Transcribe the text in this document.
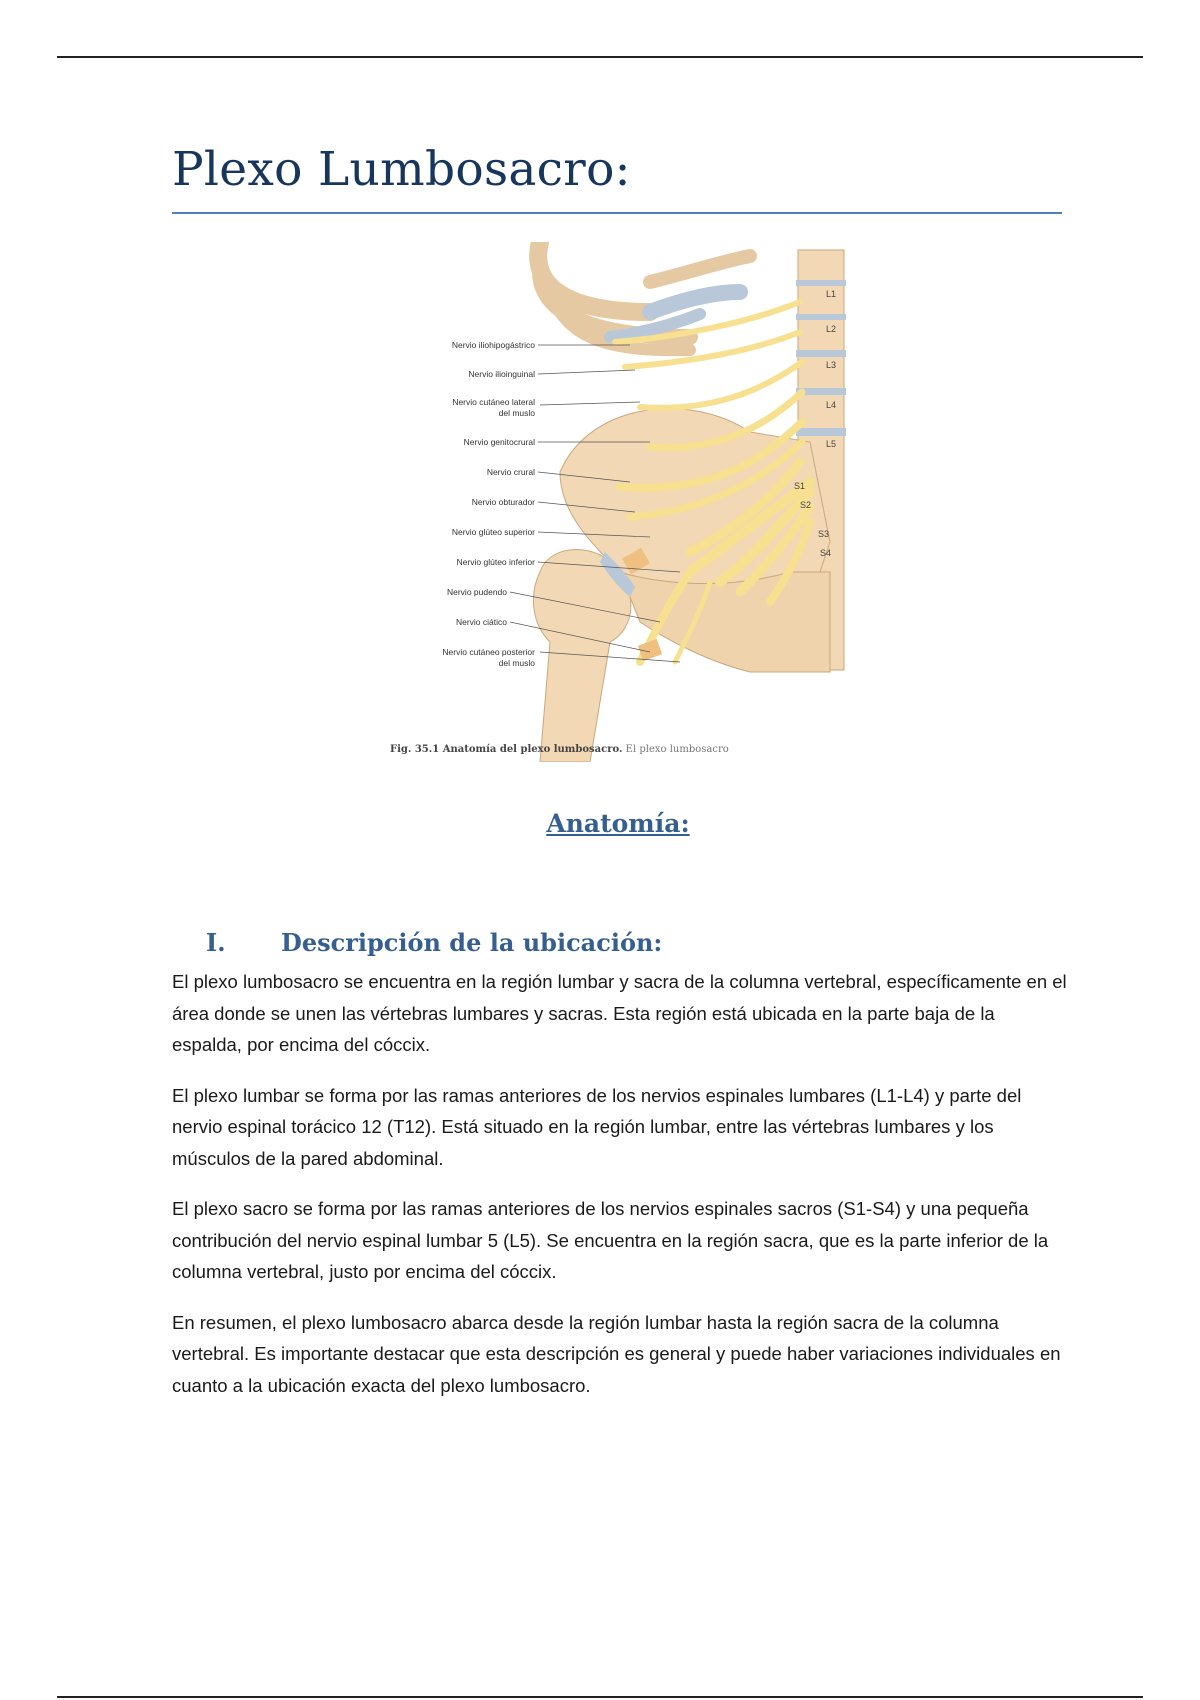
Plexo Lumbosacro:
Nervio iliohipogástrico
Nervio ilioinguinal
Nervio cutáneo lateral
del muslo
Nervio genitocrural
Nervio crural
Nervio obturador
Nervio glúteo superior
Nervio glúteo inferior
Nervio pudendo
Nervio ciático
Nervio cutáneo posterior
del muslo
L1
L2
L3
L4
L5
S1
S2
S3
S4
Fig. 35.1 Anatomía del plexo lumbosacro. El plexo lumbosacro
Anatomía:
I. Descripción de la ubicación:

El plexo lumbosacro se encuentra en la región lumbar y sacra de la columna vertebral, específicamente en el área donde se unen las vértebras lumbares y sacras. Esta región está ubicada en la parte baja de la espalda, por encima del cóccix.

El plexo lumbar se forma por las ramas anteriores de los nervios espinales lumbares (L1-L4) y parte del nervio espinal torácico 12 (T12). Está situado en la región lumbar, entre las vértebras lumbares y los músculos de la pared abdominal.

El plexo sacro se forma por las ramas anteriores de los nervios espinales sacros (S1-S4) y una pequeña contribución del nervio espinal lumbar 5 (L5). Se encuentra en la región sacra, que es la parte inferior de la columna vertebral, justo por encima del cóccix.

En resumen, el plexo lumbosacro abarca desde la región lumbar hasta la región sacra de la columna vertebral. Es importante destacar que esta descripción es general y puede haber variaciones individuales en cuanto a la ubicación exacta del plexo lumbosacro.
